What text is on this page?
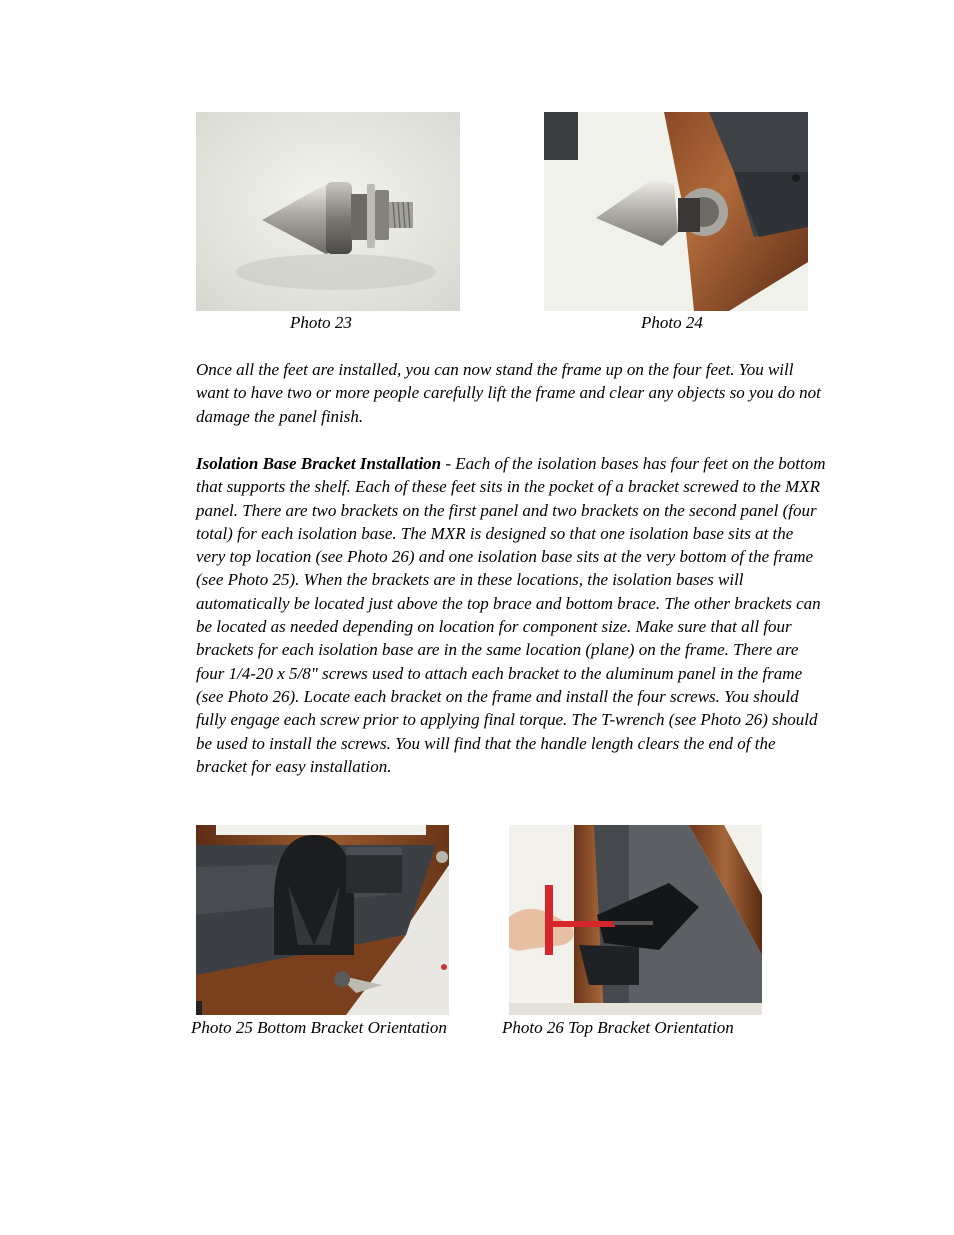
Photo 23	Photo 24
Once all the feet are installed, you can now stand the frame up on the four feet. You will want to have two or more people carefully lift the frame and clear any objects so you do not damage the panel finish.
Isolation Base Bracket Installation - Each of the isolation bases has four feet on the bottom that supports the shelf. Each of these feet sits in the pocket of a bracket screwed to the MXR panel. There are two brackets on the first panel and two brackets on the second panel (four total) for each isolation base. The MXR is designed so that one isolation base sits at the very top location (see Photo 26) and one isolation base sits at the very bottom of the frame (see Photo 25). When the brackets are in these locations, the isolation bases will automatically be located just above the top brace and bottom brace. The other brackets can be located as needed depending on location for component size. Make sure that all four brackets for each isolation base are in the same location (plane) on the frame. There are four 1/4-20 x 5/8" screws used to attach each bracket to the aluminum panel in the frame (see Photo 26). Locate each bracket on the frame and install the four screws. You should fully engage each screw prior to applying final torque. The T-wrench (see Photo 26) should be used to install the screws. You will find that the handle length clears the end of the bracket for easy installation.
Photo 25 Bottom Bracket Orientation	Photo 26 Top Bracket Orientation
